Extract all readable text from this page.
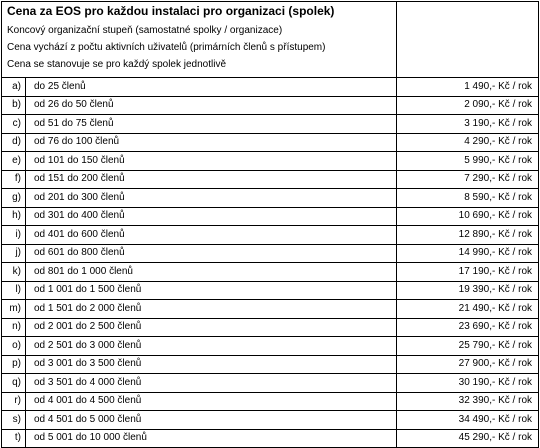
Cena za EOS pro každou instalaci pro organizaci (spolek)
Koncový organizační stupeň (samostatné spolky / organizace)
Cena vychází z počtu aktivních uživatelů (primárních členů s přístupem)
Cena se stanovuje se pro každý spolek jednotlivě		

a)	do 25 členů	1 490,- Kč / rok
b)	od 26 do 50 členů	2 090,- Kč / rok
c)	od 51 do 75 členů	3 190,- Kč / rok
d)	od 76 do 100 členů	4 290,- Kč / rok
e)	od 101 do 150 členů	5 990,- Kč / rok
f)	od 151 do 200 členů	7 290,- Kč / rok
g)	od 201 do 300 členů	8 590,- Kč / rok
h)	od 301 do 400 členů	10 690,- Kč / rok
i)	od 401 do 600 členů	12 890,- Kč / rok
j)	od 601 do 800 členů	14 990,- Kč / rok
k)	od 801 do 1 000 členů	17 190,- Kč / rok
l)	od 1 001 do 1 500 členů	19 390,- Kč / rok
m)	od 1 501 do 2 000 členů	21 490,- Kč / rok
n)	od 2 001 do 2 500 členů	23 690,- Kč / rok
o)	od 2 501 do 3 000 členů	25 790,- Kč / rok
p)	od 3 001 do 3 500 členů	27 900,- Kč / rok
q)	od 3 501 do 4 000 členů	30 190,- Kč / rok
r)	od 4 001 do 4 500 členů	32 390,- Kč / rok
s)	od 4 501 do 5 000 členů	34 490,- Kč / rok
t)	od 5 001 do 10 000 členů	45 290,- Kč / rok
